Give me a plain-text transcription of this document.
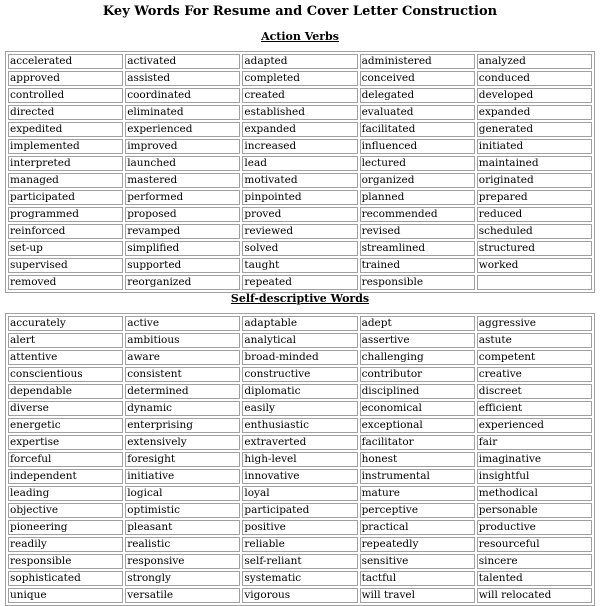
Key Words For Resume and Cover Letter Construction
Action Verbs
accelerated	activated	adapted	administered	analyzed
approved	assisted	completed	conceived	conduced
controlled	coordinated	created	delegated	developed
directed	eliminated	established	evaluated	expanded
expedited	experienced	expanded	facilitated	generated
implemented	improved	increased	influenced	initiated
interpreted	launched	lead	lectured	maintained
managed	mastered	motivated	organized	originated
participated	performed	pinpointed	planned	prepared
programmed	proposed	proved	recommended	reduced
reinforced	revamped	reviewed	revised	scheduled
set-up	simplified	solved	streamlined	structured
supervised	supported	taught	trained	worked
removed	reorganized	repeated	responsible	
Self-descriptive Words
accurately	active	adaptable	adept	aggressive
alert	ambitious	analytical	assertive	astute
attentive	aware	broad-minded	challenging	competent
conscientious	consistent	constructive	contributor	creative
dependable	determined	diplomatic	disciplined	discreet
diverse	dynamic	easily	economical	efficient
energetic	enterprising	enthusiastic	exceptional	experienced
expertise	extensively	extraverted	facilitator	fair
forceful	foresight	high-level	honest	imaginative
independent	initiative	innovative	instrumental	insightful
leading	logical	loyal	mature	methodical
objective	optimistic	participated	perceptive	personable
pioneering	pleasant	positive	practical	productive
readily	realistic	reliable	repeatedly	resourceful
responsible	responsive	self-reliant	sensitive	sincere
sophisticated	strongly	systematic	tactful	talented
unique	versatile	vigorous	will travel	will relocated
